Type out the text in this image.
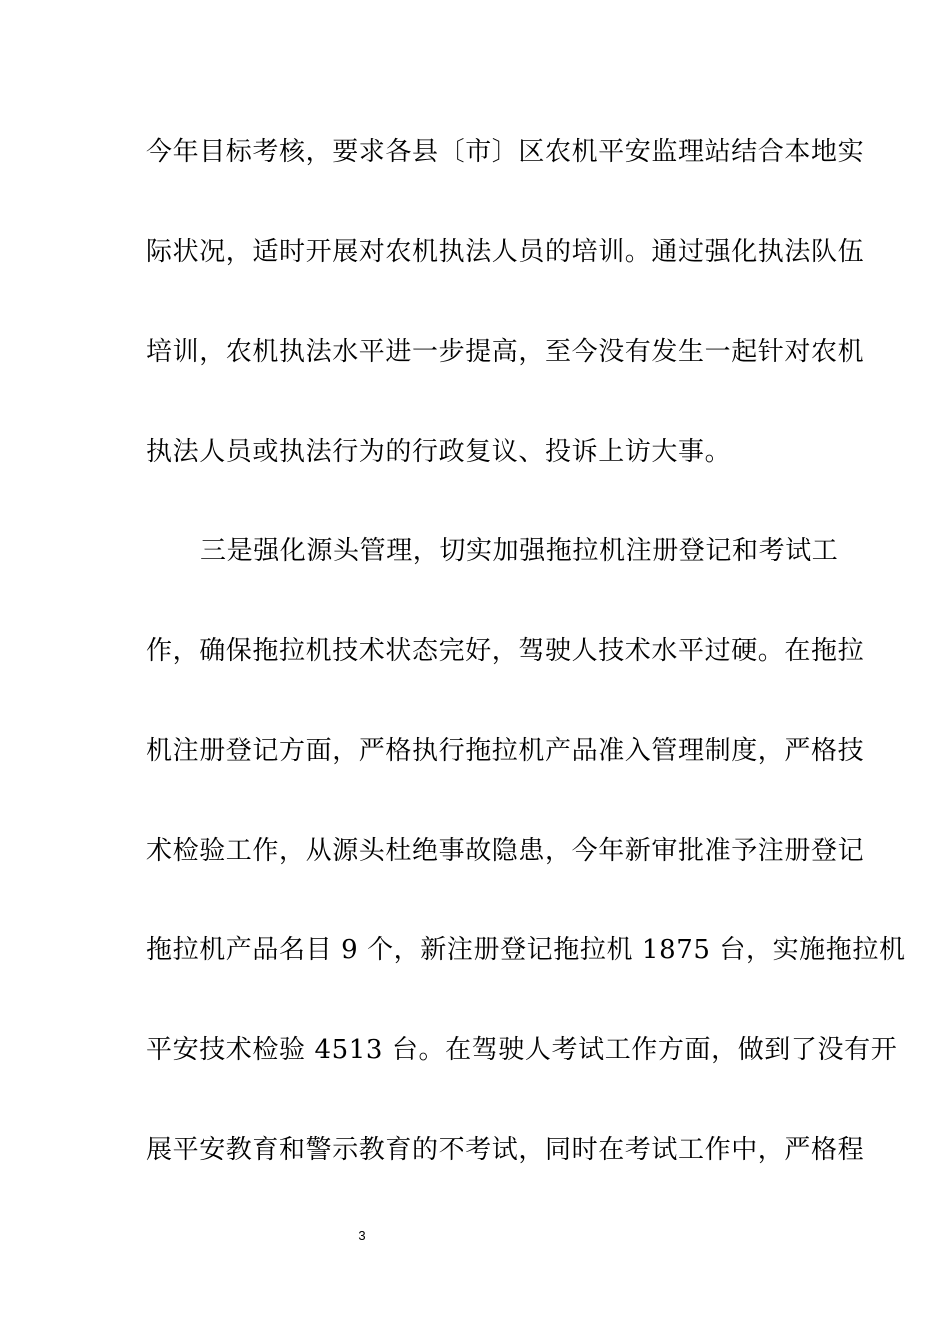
今年目标考核，要求各县〔市〕区农机平安监理站结合本地实
际状况，适时开展对农机执法人员的培训。通过强化执法队伍
培训，农机执法水平进一步提高，至今没有发生一起针对农机
执法人员或执法行为的行政复议、投诉上访大事。
三是强化源头管理，切实加强拖拉机注册登记和考试工
作，确保拖拉机技术状态完好，驾驶人技术水平过硬。在拖拉
机注册登记方面，严格执行拖拉机产品准入管理制度，严格技
术检验工作，从源头杜绝事故隐患，今年新审批准予注册登记
拖拉机产品名目 9 个，新注册登记拖拉机 1875 台，实施拖拉机
平安技术检验 4513 台。在驾驶人考试工作方面，做到了没有开
展平安教育和警示教育的不考试，同时在考试工作中，严格程
3
